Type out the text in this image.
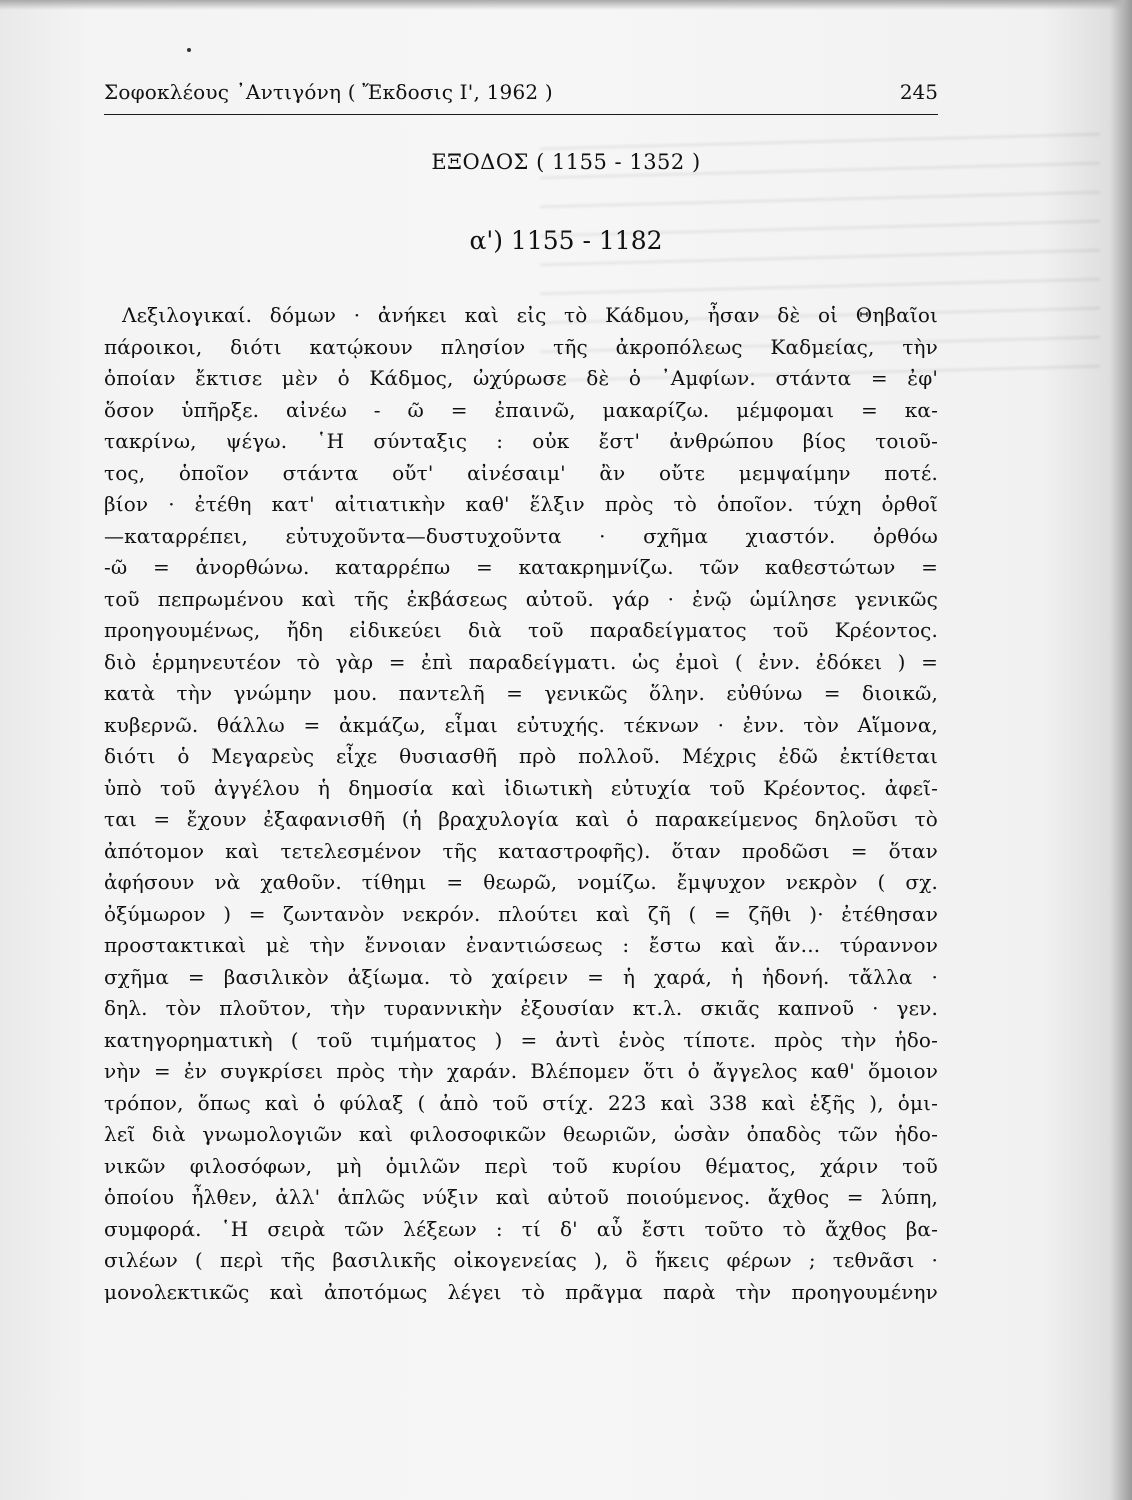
Σοφοκλέους ᾿Αντιγόνη ( Ἔκδοσις Ι', 1962 )	245
ΕΞΟΔΟΣ ( 1155 - 1352 )
α') 1155 - 1182
Λεξιλογικαί. δόμων · ἀνήκει καὶ εἰς τὸ Κάδμου, ἦσαν δὲ οἱ Θηβαῖοι
πάροικοι, διότι κατῴκουν πλησίον τῆς ἀκροπόλεως Καδμείας, τὴν
ὁποίαν ἔκτισε μὲν ὁ Κάδμος, ὠχύρωσε δὲ ὁ ᾿Αμφίων. στάντα = ἐφ'
ὅσον ὑπῆρξε. αἰνέω - ῶ = ἐπαινῶ, μακαρίζω. μέμφομαι = κα-
τακρίνω, ψέγω. ῾Η σύνταξις : οὐκ ἔστ' ἀνθρώπου βίος τοιοῦ-
τος, ὁποῖον στάντα οὔτ' αἰνέσαιμ' ἂν οὔτε μεμψαίμην ποτέ.
βίον · ἐτέθη κατ' αἰτιατικὴν καθ' ἕλξιν πρὸς τὸ ὁποῖον. τύχη ὀρθοῖ
—καταρρέπει, εὐτυχοῦντα—δυστυχοῦντα · σχῆμα χιαστόν. ὀρθόω
-ῶ = ἀνορθώνω. καταρρέπω = κατακρημνίζω. τῶν καθεστώτων =
τοῦ πεπρωμένου καὶ τῆς ἐκβάσεως αὐτοῦ. γάρ · ἐνῷ ὡμίλησε γενικῶς
προηγουμένως, ἤδη εἰδικεύει διὰ τοῦ παραδείγματος τοῦ Κρέοντος.
διὸ ἑρμηνευτέον τὸ γὰρ = ἐπὶ παραδείγματι. ὡς ἐμοὶ ( ἐνν. ἐδόκει ) =
κατὰ τὴν γνώμην μου. παντελῆ = γενικῶς ὅλην. εὐθύνω = διοικῶ,
κυβερνῶ. θάλλω = ἀκμάζω, εἶμαι εὐτυχής. τέκνων · ἐνν. τὸν Αἵμονα,
διότι ὁ Μεγαρεὺς εἶχε θυσιασθῆ πρὸ πολλοῦ. Μέχρις ἐδῶ ἐκτίθεται
ὑπὸ τοῦ ἀγγέλου ἡ δημοσία καὶ ἰδιωτικὴ εὐτυχία τοῦ Κρέοντος. ἀφεῖ-
ται = ἔχουν ἐξαφανισθῆ (ἡ βραχυλογία καὶ ὁ παρακείμενος δηλοῦσι τὸ
ἀπότομον καὶ τετελεσμένον τῆς καταστροφῆς). ὅταν προδῶσι = ὅταν
ἀφήσουν νὰ χαθοῦν. τίθημι = θεωρῶ, νομίζω. ἔμψυχον νεκρὸν ( σχ.
ὀξύμωρον ) = ζωντανὸν νεκρόν. πλούτει καὶ ζῆ ( = ζῆθι )· ἐτέθησαν
προστακτικαὶ μὲ τὴν ἔννοιαν ἐναντιώσεως : ἔστω καὶ ἄν... τύραννον
σχῆμα = βασιλικὸν ἀξίωμα. τὸ χαίρειν = ἡ χαρά, ἡ ἡδονή. τἄλλα ·
δηλ. τὸν πλοῦτον, τὴν τυραννικὴν ἐξουσίαν κτ.λ. σκιᾶς καπνοῦ · γεν.
κατηγορηματικὴ ( τοῦ τιμήματος ) = ἀντὶ ἑνὸς τίποτε. πρὸς τὴν ἡδο-
νὴν = ἐν συγκρίσει πρὸς τὴν χαράν. Βλέπομεν ὅτι ὁ ἄγγελος καθ' ὅμοιον
τρόπον, ὅπως καὶ ὁ φύλαξ ( ἀπὸ τοῦ στίχ. 223 καὶ 338 καὶ ἑξῆς ), ὁμι-
λεῖ διὰ γνωμολογιῶν καὶ φιλοσοφικῶν θεωριῶν, ὡσὰν ὀπαδὸς τῶν ἡδο-
νικῶν φιλοσόφων, μὴ ὁμιλῶν περὶ τοῦ κυρίου θέματος, χάριν τοῦ
ὁποίου ἦλθεν, ἀλλ' ἁπλῶς νύξιν καὶ αὐτοῦ ποιούμενος. ἄχθος = λύπη,
συμφορά. ῾Η σειρὰ τῶν λέξεων : τί δ' αὖ ἔστι τοῦτο τὸ ἄχθος βα-
σιλέων ( περὶ τῆς βασιλικῆς οἰκογενείας ), ὃ ἥκεις φέρων ; τεθνᾶσι ·
μονολεκτικῶς καὶ ἀποτόμως λέγει τὸ πρᾶγμα παρὰ τὴν προηγουμένην
